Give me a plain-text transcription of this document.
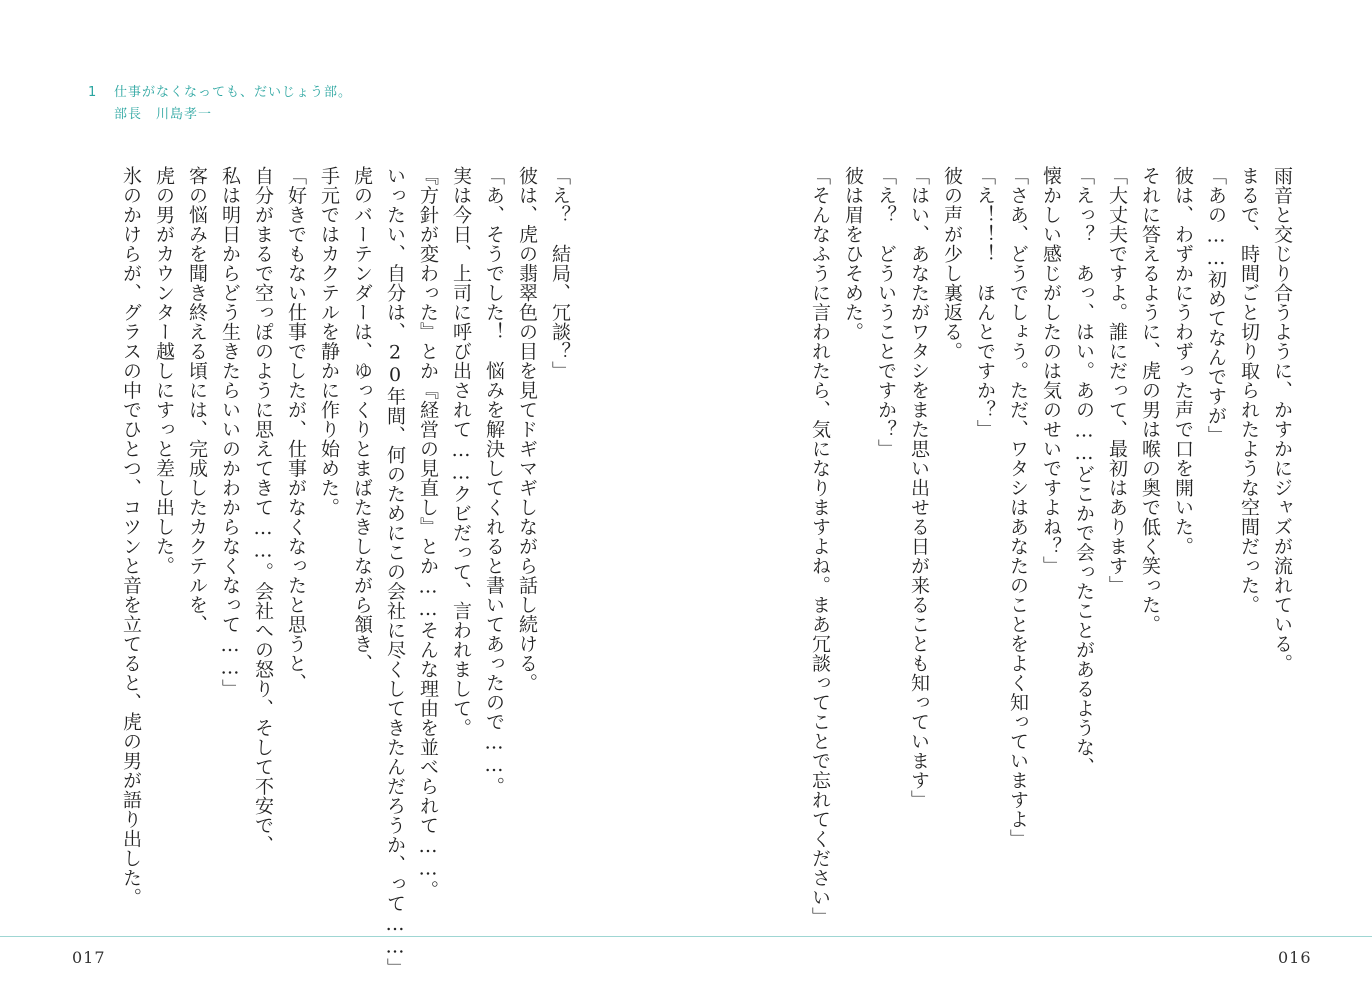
1 仕事がなくなっても、だいじょう部。
部長　川島孝一
「え？　結局、冗談？」
彼は、虎の翡翠色の目を見てドギマギしながら話し続ける。
「あ、そうでした！　悩みを解決してくれると書いてあったので……。
実は今日、上司に呼び出されて……クビだって、言われまして。
『方針が変わった』とか『経営の見直し』とか……そんな理由を並べられて……。
いったい、自分は、20年間、何のためにこの会社に尽くしてきたんだろうか、って……」
虎のバーテンダーは、ゆっくりとまばたきしながら頷き、
手元ではカクテルを静かに作り始めた。
「好きでもない仕事でしたが、仕事がなくなったと思うと、
自分がまるで空っぽのように思えてきて……。会社への怒り、そして不安で、
私は明日からどう生きたらいいのかわからなくなって……」
客の悩みを聞き終える頃には、完成したカクテルを、
虎の男がカウンター越しにすっと差し出した。
氷のかけらが、グラスの中でひとつ、コツンと音を立てると、虎の男が語り出した。
017
雨音と交じり合うように、かすかにジャズが流れている。
まるで、時間ごと切り取られたような空間だった。
「あの……初めてなんですが」
彼は、わずかにうわずった声で口を開いた。
それに答えるように、虎の男は喉の奥で低く笑った。
「大丈夫ですよ。誰にだって、最初はあります」
「えっ？　あっ、はい。あの……どこかで会ったことがあるような、
懐かしい感じがしたのは気のせいですよね？」
「さあ、どうでしょう。ただ、ワタシはあなたのことをよく知っていますよ」
「え！！！　ほんとですか？」
彼の声が少し裏返る。
「はい、あなたがワタシをまた思い出せる日が来ることも知っています」
「え？　どういうことですか？」
彼は眉をひそめた。
「そんなふうに言われたら、気になりますよね。まあ冗談ってことで忘れてください」
016
